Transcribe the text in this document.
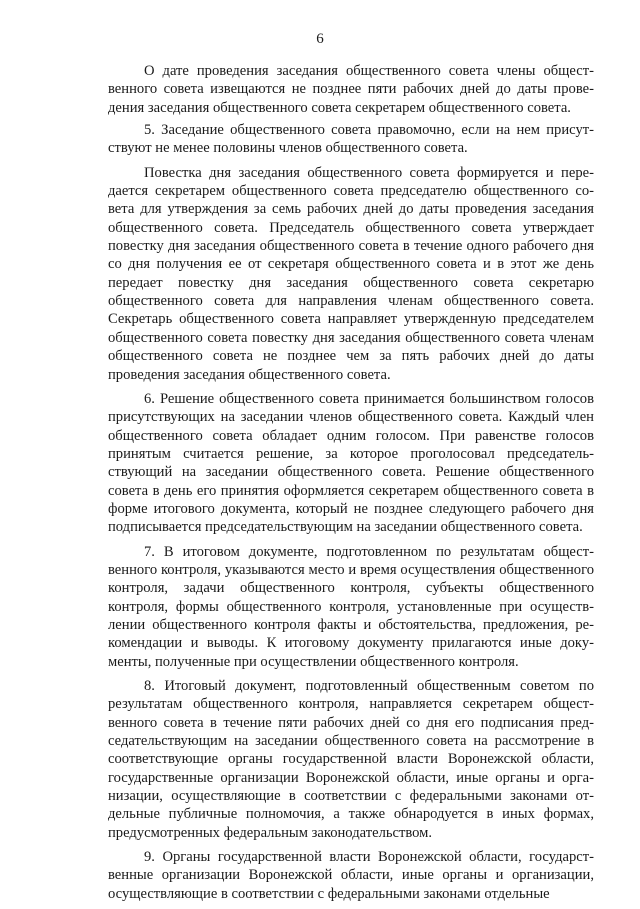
6

О дате проведения заседания общественного совета члены общественного совета извещаются не позднее пяти рабочих дней до даты проведения заседания общественного совета секретарем общественного совета.

5. Заседание общественного совета правомочно, если на нем присутствуют не менее половины членов общественного совета.

Повестка дня заседания общественного совета формируется и передается секретарем общественного совета председателю общественного совета для утверждения за семь рабочих дней до даты проведения заседания общественного совета. Председатель общественного совета утверждает повестку дня заседания общественного совета в течение одного рабочего дня со дня получения ее от секретаря общественного совета и в этот же день передает повестку дня заседания общественного совета секретарю общественного совета для направления членам общественного совета. Секретарь общественного совета направляет утвержденную председателем общественного совета повестку дня заседания общественного совета членам общественного совета не позднее чем за пять рабочих дней до даты проведения заседания общественного совета.

6. Решение общественного совета принимается большинством голосов присутствующих на заседании членов общественного совета. Каждый член общественного совета обладает одним голосом. При равенстве голосов принятым считается решение, за которое проголосовал председательствующий на заседании общественного совета. Решение общественного совета в день его принятия оформляется секретарем общественного совета в форме итогового документа, который не позднее следующего рабочего дня подписывается председательствующим на заседании общественного совета.

7. В итоговом документе, подготовленном по результатам общественного контроля, указываются место и время осуществления общественного контроля, задачи общественного контроля, субъекты общественного контроля, формы общественного контроля, установленные при осуществлении общественного контроля факты и обстоятельства, предложения, рекомендации и выводы. К итоговому документу прилагаются иные документы, полученные при осуществлении общественного контроля.

8. Итоговый документ, подготовленный общественным советом по результатам общественного контроля, направляется секретарем общественного совета в течение пяти рабочих дней со дня его подписания председательствующим на заседании общественного совета на рассмотрение в соответствующие органы государственной власти Воронежской области, государственные организации Воронежской области, иные органы и организации, осуществляющие в соответствии с федеральными законами отдельные публичные полномочия, а также обнародуется в иных формах, предусмотренных федеральным законодательством.

9. Органы государственной власти Воронежской области, государственные организации Воронежской области, иные органы и организации, осуществляющие в соответствии с федеральными законами отдельные
